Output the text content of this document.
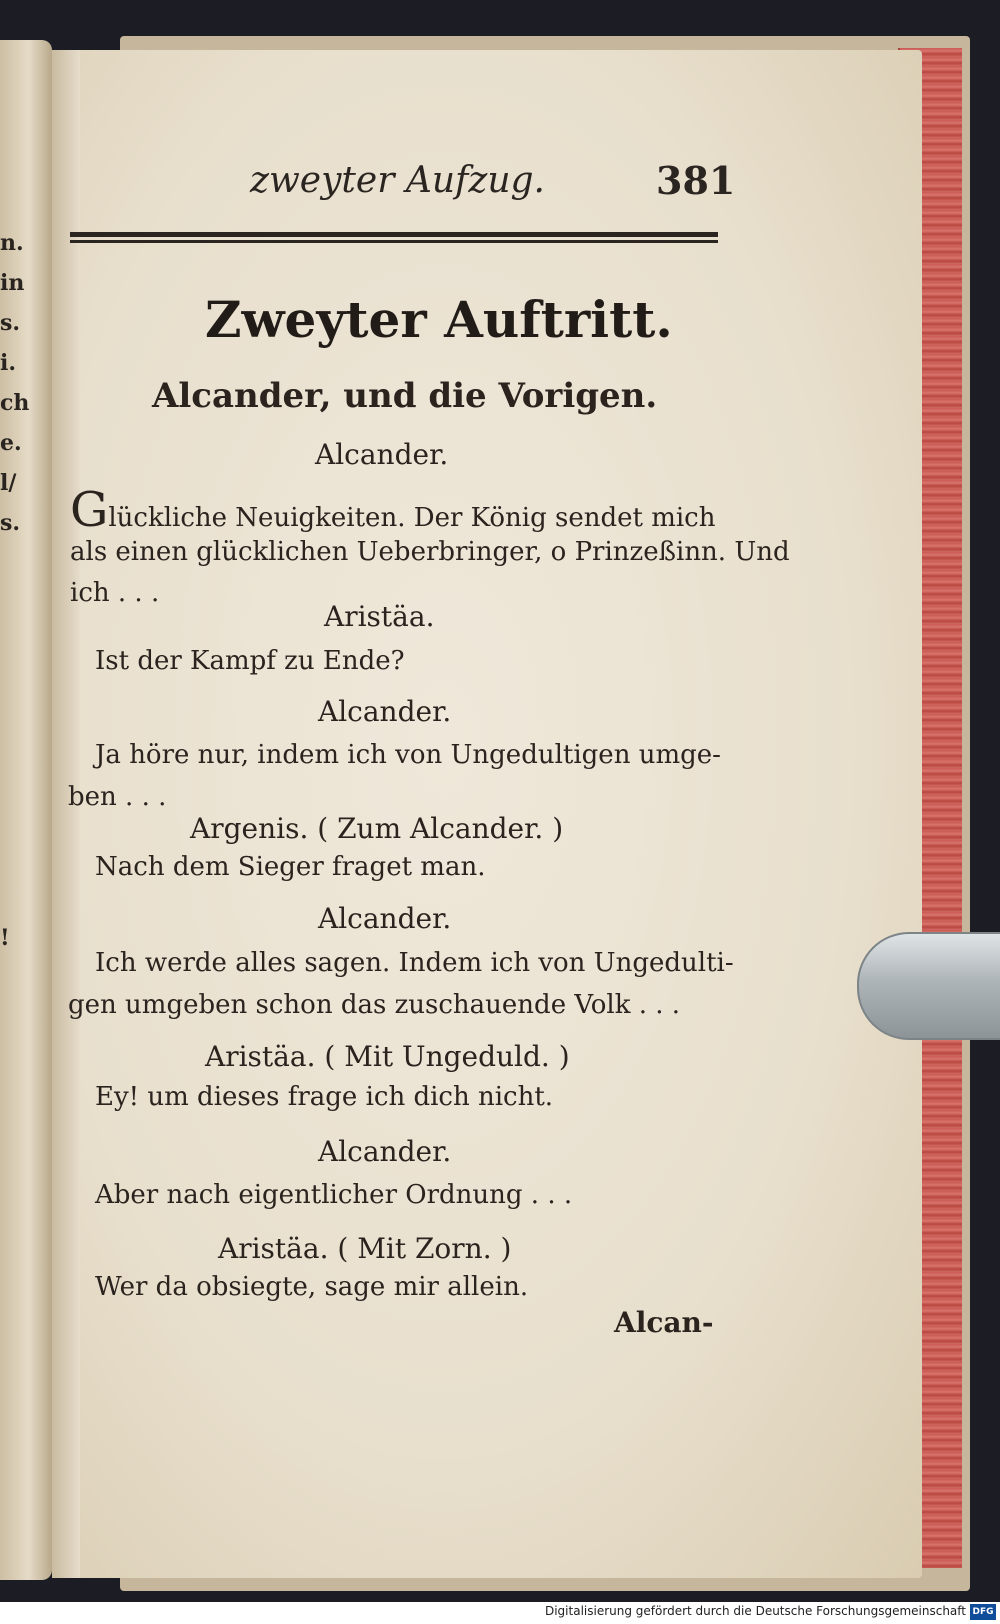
n.
in
s.
i.
ch
e.
l/
s.
!
zweyter Aufzug.	381
Zweyter Auftritt.
Alcander, und die Vorigen.
Alcander.
Glückliche Neuigkeiten. Der König sendet mich
als einen glücklichen Ueberbringer, o Prinzeßinn. Und
ich . . .
Aristäa.
Ist der Kampf zu Ende?
Alcander.
Ja höre nur, indem ich von Ungedultigen umge-
ben . . .
Argenis. ( Zum Alcander. )
Nach dem Sieger fraget man.
Alcander.
Ich werde alles sagen. Indem ich von Ungedulti-
gen umgeben schon das zuschauende Volk . . .
Aristäa. ( Mit Ungeduld. )
Ey! um dieses frage ich dich nicht.
Alcander.
Aber nach eigentlicher Ordnung . . .
Aristäa. ( Mit Zorn. )
Wer da obsiegte, sage mir allein.
Alcan-
Digitalisierung gefördert durch die Deutsche Forschungsgemeinschaft DFG
